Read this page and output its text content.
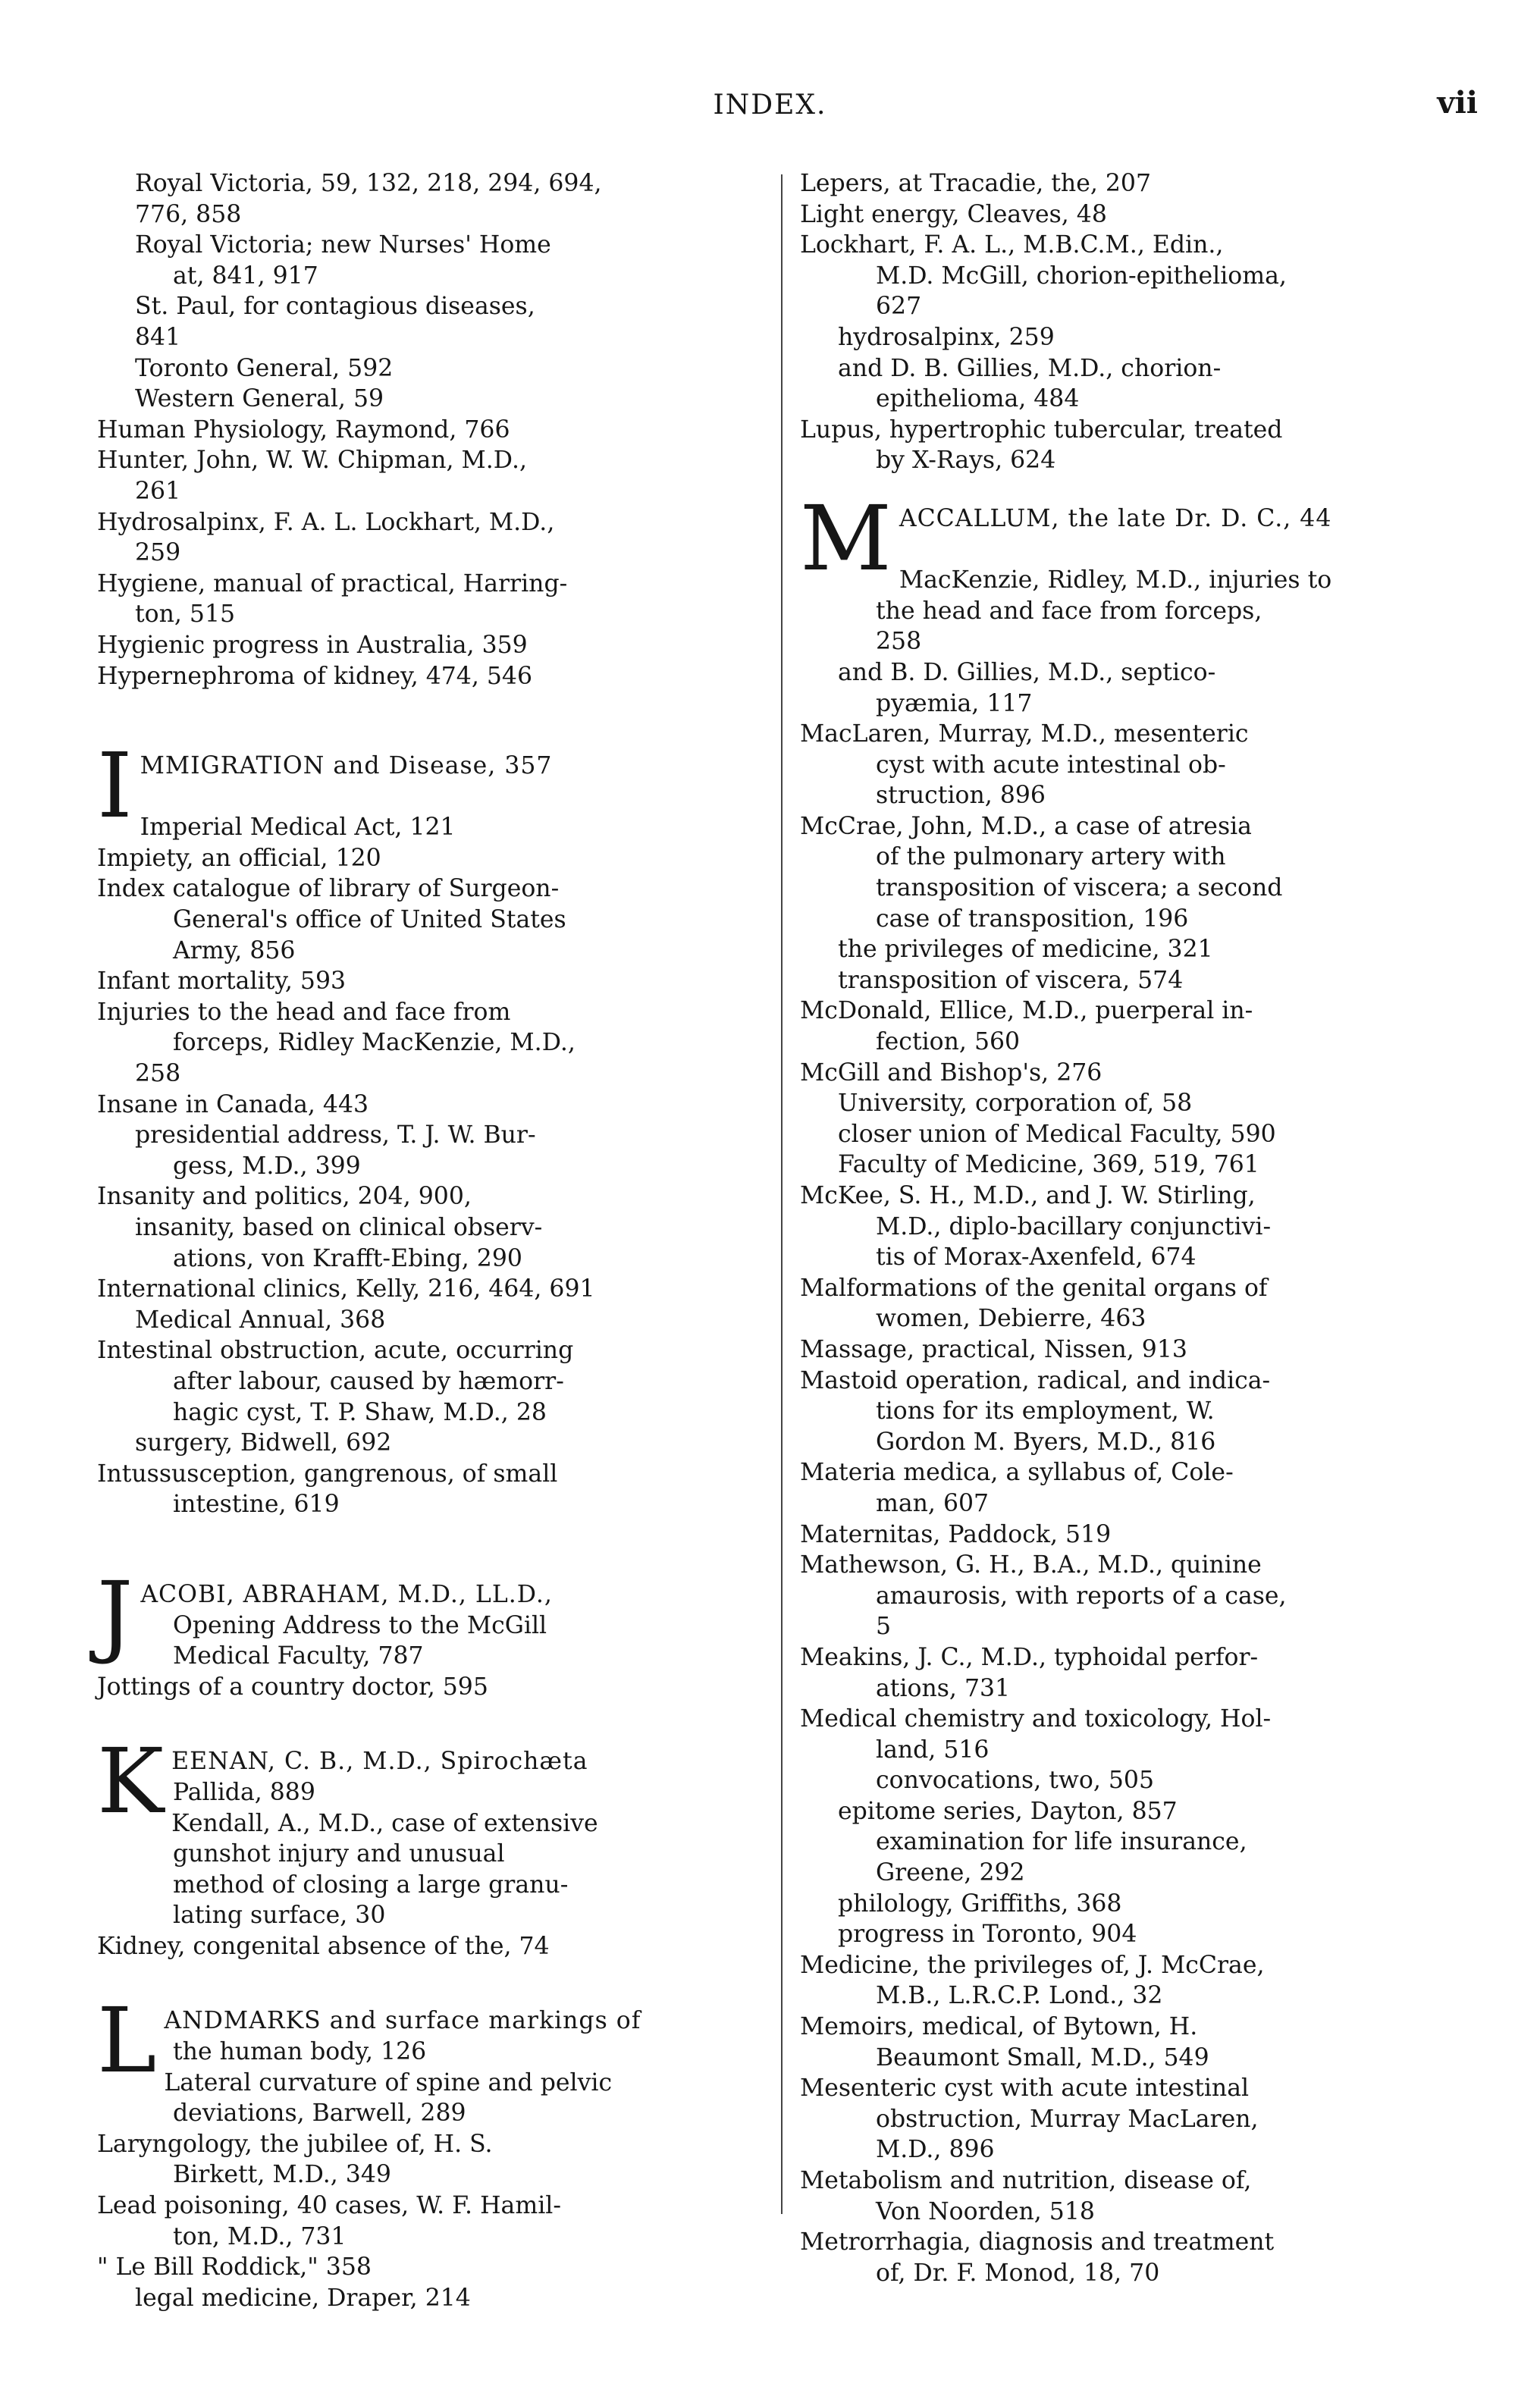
INDEX.	vii
Royal Victoria, 59, 132, 218, 294, 694,
776, 858
Royal Victoria; new Nurses' Home
at, 841, 917
St. Paul, for contagious diseases,
841
Toronto General, 592
Western General, 59
Human Physiology, Raymond, 766
Hunter, John, W. W. Chipman, M.D.,
261
Hydrosalpinx, F. A. L. Lockhart, M.D.,
259
Hygiene, manual of practical, Harring-
ton, 515
Hygienic progress in Australia, 359
Hypernephroma of kidney, 474, 546
IMMIGRATION and Disease, 357
Imperial Medical Act, 121
Impiety, an official, 120
Index catalogue of library of Surgeon-
General's office of United States
Army, 856
Infant mortality, 593
Injuries to the head and face from
forceps, Ridley MacKenzie, M.D.,
258
Insane in Canada, 443
presidential address, T. J. W. Bur-
gess, M.D., 399
Insanity and politics, 204, 900,
insanity, based on clinical observ-
ations, von Krafft-Ebing, 290
International clinics, Kelly, 216, 464, 691
Medical Annual, 368
Intestinal obstruction, acute, occurring
after labour, caused by hæmorr-
hagic cyst, T. P. Shaw, M.D., 28
surgery, Bidwell, 692
Intussusception, gangrenous, of small
intestine, 619
JACOBI, ABRAHAM, M.D., LL.D.,
Opening Address to the McGill
Medical Faculty, 787
Jottings of a country doctor, 595
KEENAN, C. B., M.D., Spirochæta
Pallida, 889
Kendall, A., M.D., case of extensive
gunshot injury and unusual
method of closing a large granu-
lating surface, 30
Kidney, congenital absence of the, 74
LANDMARKS and surface markings of
the human body, 126
Lateral curvature of spine and pelvic
deviations, Barwell, 289
Laryngology, the jubilee of, H. S.
Birkett, M.D., 349
Lead poisoning, 40 cases, W. F. Hamil-
ton, M.D., 731
" Le Bill Roddick," 358
legal medicine, Draper, 214
Lepers, at Tracadie, the, 207
Light energy, Cleaves, 48
Lockhart, F. A. L., M.B.C.M., Edin.,
M.D. McGill, chorion-epithelioma,
627
hydrosalpinx, 259
and D. B. Gillies, M.D., chorion-
epithelioma, 484
Lupus, hypertrophic tubercular, treated
by X-Rays, 624
MACCALLUM, the late Dr. D. C., 44
MacKenzie, Ridley, M.D., injuries to
the head and face from forceps,
258
and B. D. Gillies, M.D., septico-
pyæmia, 117
MacLaren, Murray, M.D., mesenteric
cyst with acute intestinal ob-
struction, 896
McCrae, John, M.D., a case of atresia
of the pulmonary artery with
transposition of viscera; a second
case of transposition, 196
the privileges of medicine, 321
transposition of viscera, 574
McDonald, Ellice, M.D., puerperal in-
fection, 560
McGill and Bishop's, 276
University, corporation of, 58
closer union of Medical Faculty, 590
Faculty of Medicine, 369, 519, 761
McKee, S. H., M.D., and J. W. Stirling,
M.D., diplo-bacillary conjunctivi-
tis of Morax-Axenfeld, 674
Malformations of the genital organs of
women, Debierre, 463
Massage, practical, Nissen, 913
Mastoid operation, radical, and indica-
tions for its employment, W.
Gordon M. Byers, M.D., 816
Materia medica, a syllabus of, Cole-
man, 607
Maternitas, Paddock, 519
Mathewson, G. H., B.A., M.D., quinine
amaurosis, with reports of a case,
5
Meakins, J. C., M.D., typhoidal perfor-
ations, 731
Medical chemistry and toxicology, Hol-
land, 516
convocations, two, 505
epitome series, Dayton, 857
examination for life insurance,
Greene, 292
philology, Griffiths, 368
progress in Toronto, 904
Medicine, the privileges of, J. McCrae,
M.B., L.R.C.P. Lond., 32
Memoirs, medical, of Bytown, H.
Beaumont Small, M.D., 549
Mesenteric cyst with acute intestinal
obstruction, Murray MacLaren,
M.D., 896
Metabolism and nutrition, disease of,
Von Noorden, 518
Metrorrhagia, diagnosis and treatment
of, Dr. F. Monod, 18, 70
